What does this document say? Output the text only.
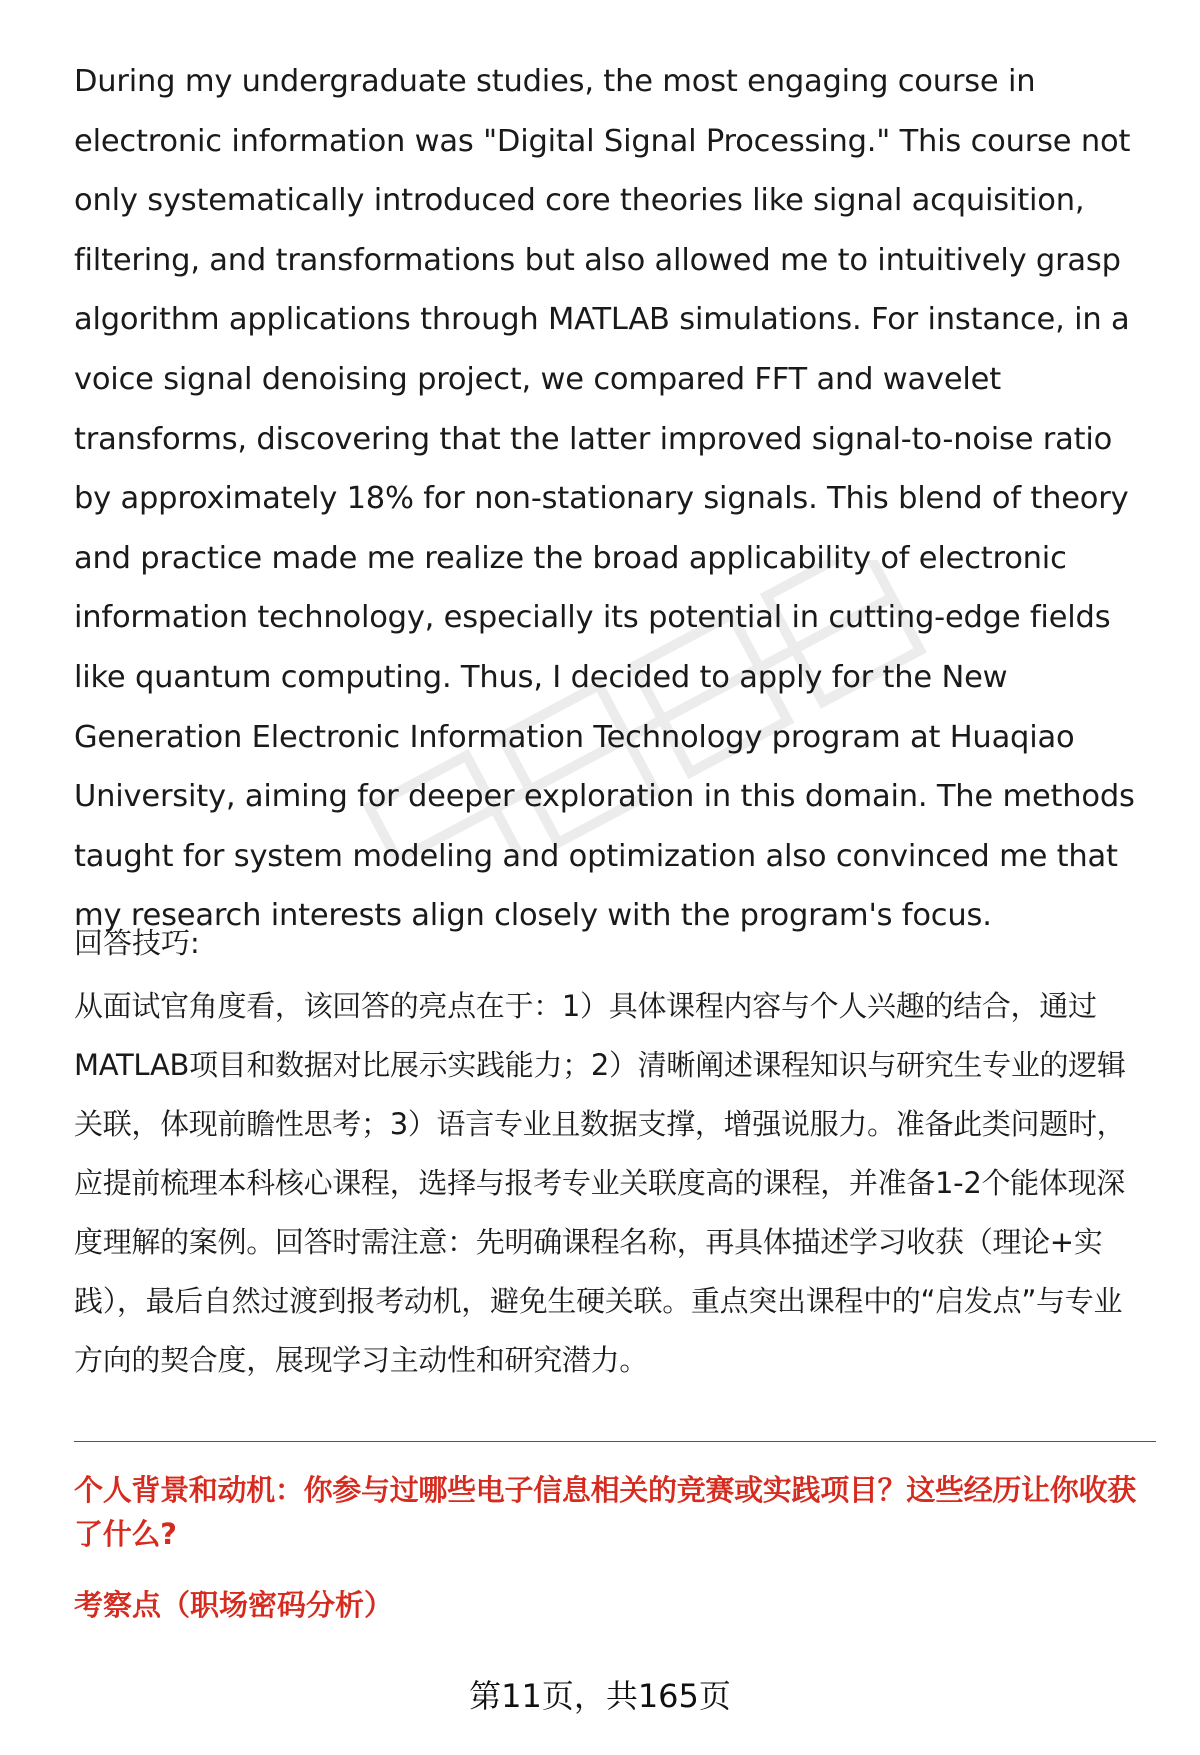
During my undergraduate studies, the most engaging course in electronic information was "Digital Signal Processing." This course not only systematically introduced core theories like signal acquisition, filtering, and transformations but also allowed me to intuitively grasp algorithm applications through MATLAB simulations. For instance, in a voice signal denoising project, we compared FFT and wavelet transforms, discovering that the latter improved signal-to-noise ratio by approximately 18% for non-stationary signals. This blend of theory and practice made me realize the broad applicability of electronic information technology, especially its potential in cutting-edge fields like quantum computing. Thus, I decided to apply for the New Generation Electronic Information Technology program at Huaqiao University, aiming for deeper exploration in this domain. The methods taught for system modeling and optimization also convinced me that my research interests align closely with the program's focus.

回答技巧:

从面试官角度看，该回答的亮点在于：1）具体课程内容与个人兴趣的结合，通过MATLAB项目和数据对比展示实践能力；2）清晰阐述课程知识与研究生专业的逻辑关联，体现前瞻性思考；3）语言专业且数据支撑，增强说服力。准备此类问题时，应提前梳理本科核心课程，选择与报考专业关联度高的课程，并准备1-2个能体现深度理解的案例。回答时需注意：先明确课程名称，再具体描述学习收获（理论+实践），最后自然过渡到报考动机，避免生硬关联。重点突出课程中的“启发点”与专业方向的契合度，展现学习主动性和研究潜力。

个人背景和动机：你参与过哪些电子信息相关的竞赛或实践项目？这些经历让你收获了什么?

考察点（职场密码分析）

第11页，共165页
